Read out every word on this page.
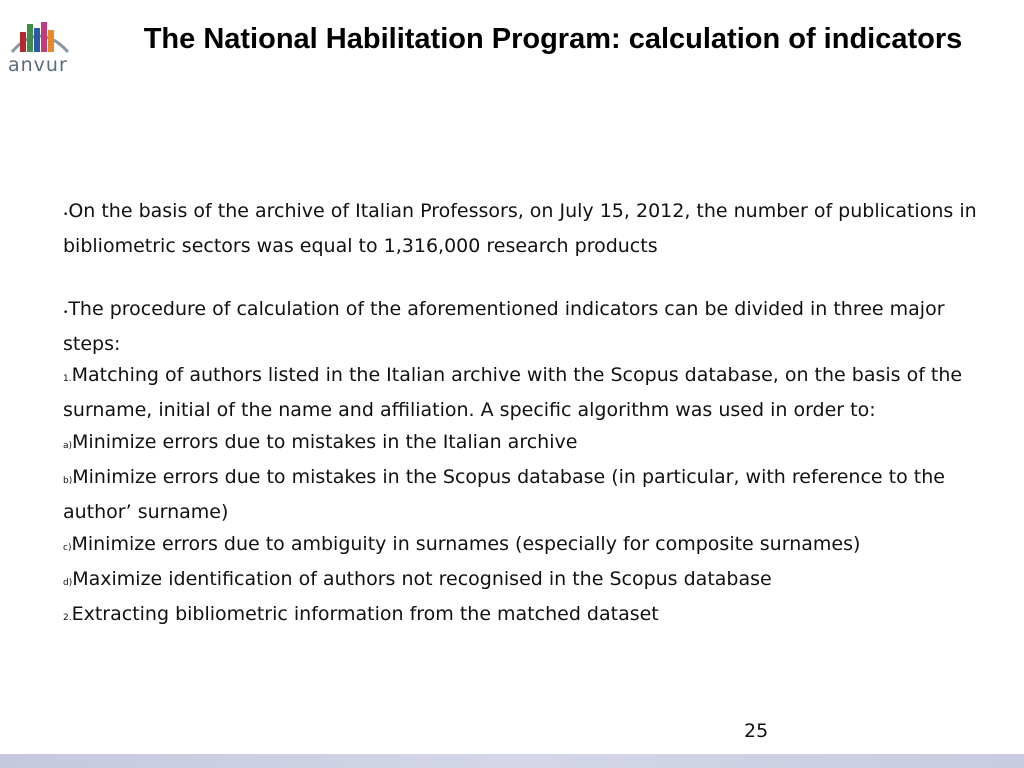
anvur
The National Habilitation Program: calculation of indicators

•On the basis of the archive of Italian Professors, on July 15, 2012, the number of publications in bibliometric sectors was equal to 1,316,000 research products

•The procedure of calculation of the aforementioned indicators can be divided in three major steps:

1.Matching of authors listed in the Italian archive with the Scopus database, on the basis of the surname, initial of the name and affiliation. A specific algorithm was used in order to:

a)Minimize errors due to mistakes in the Italian archive

b)Minimize errors due to mistakes in the Scopus database (in particular, with reference to the author’ surname)

c)Minimize errors due to ambiguity in surnames (especially for composite surnames)

d)Maximize identification of authors not recognised in the Scopus database

2.Extracting bibliometric information from the matched dataset

25
